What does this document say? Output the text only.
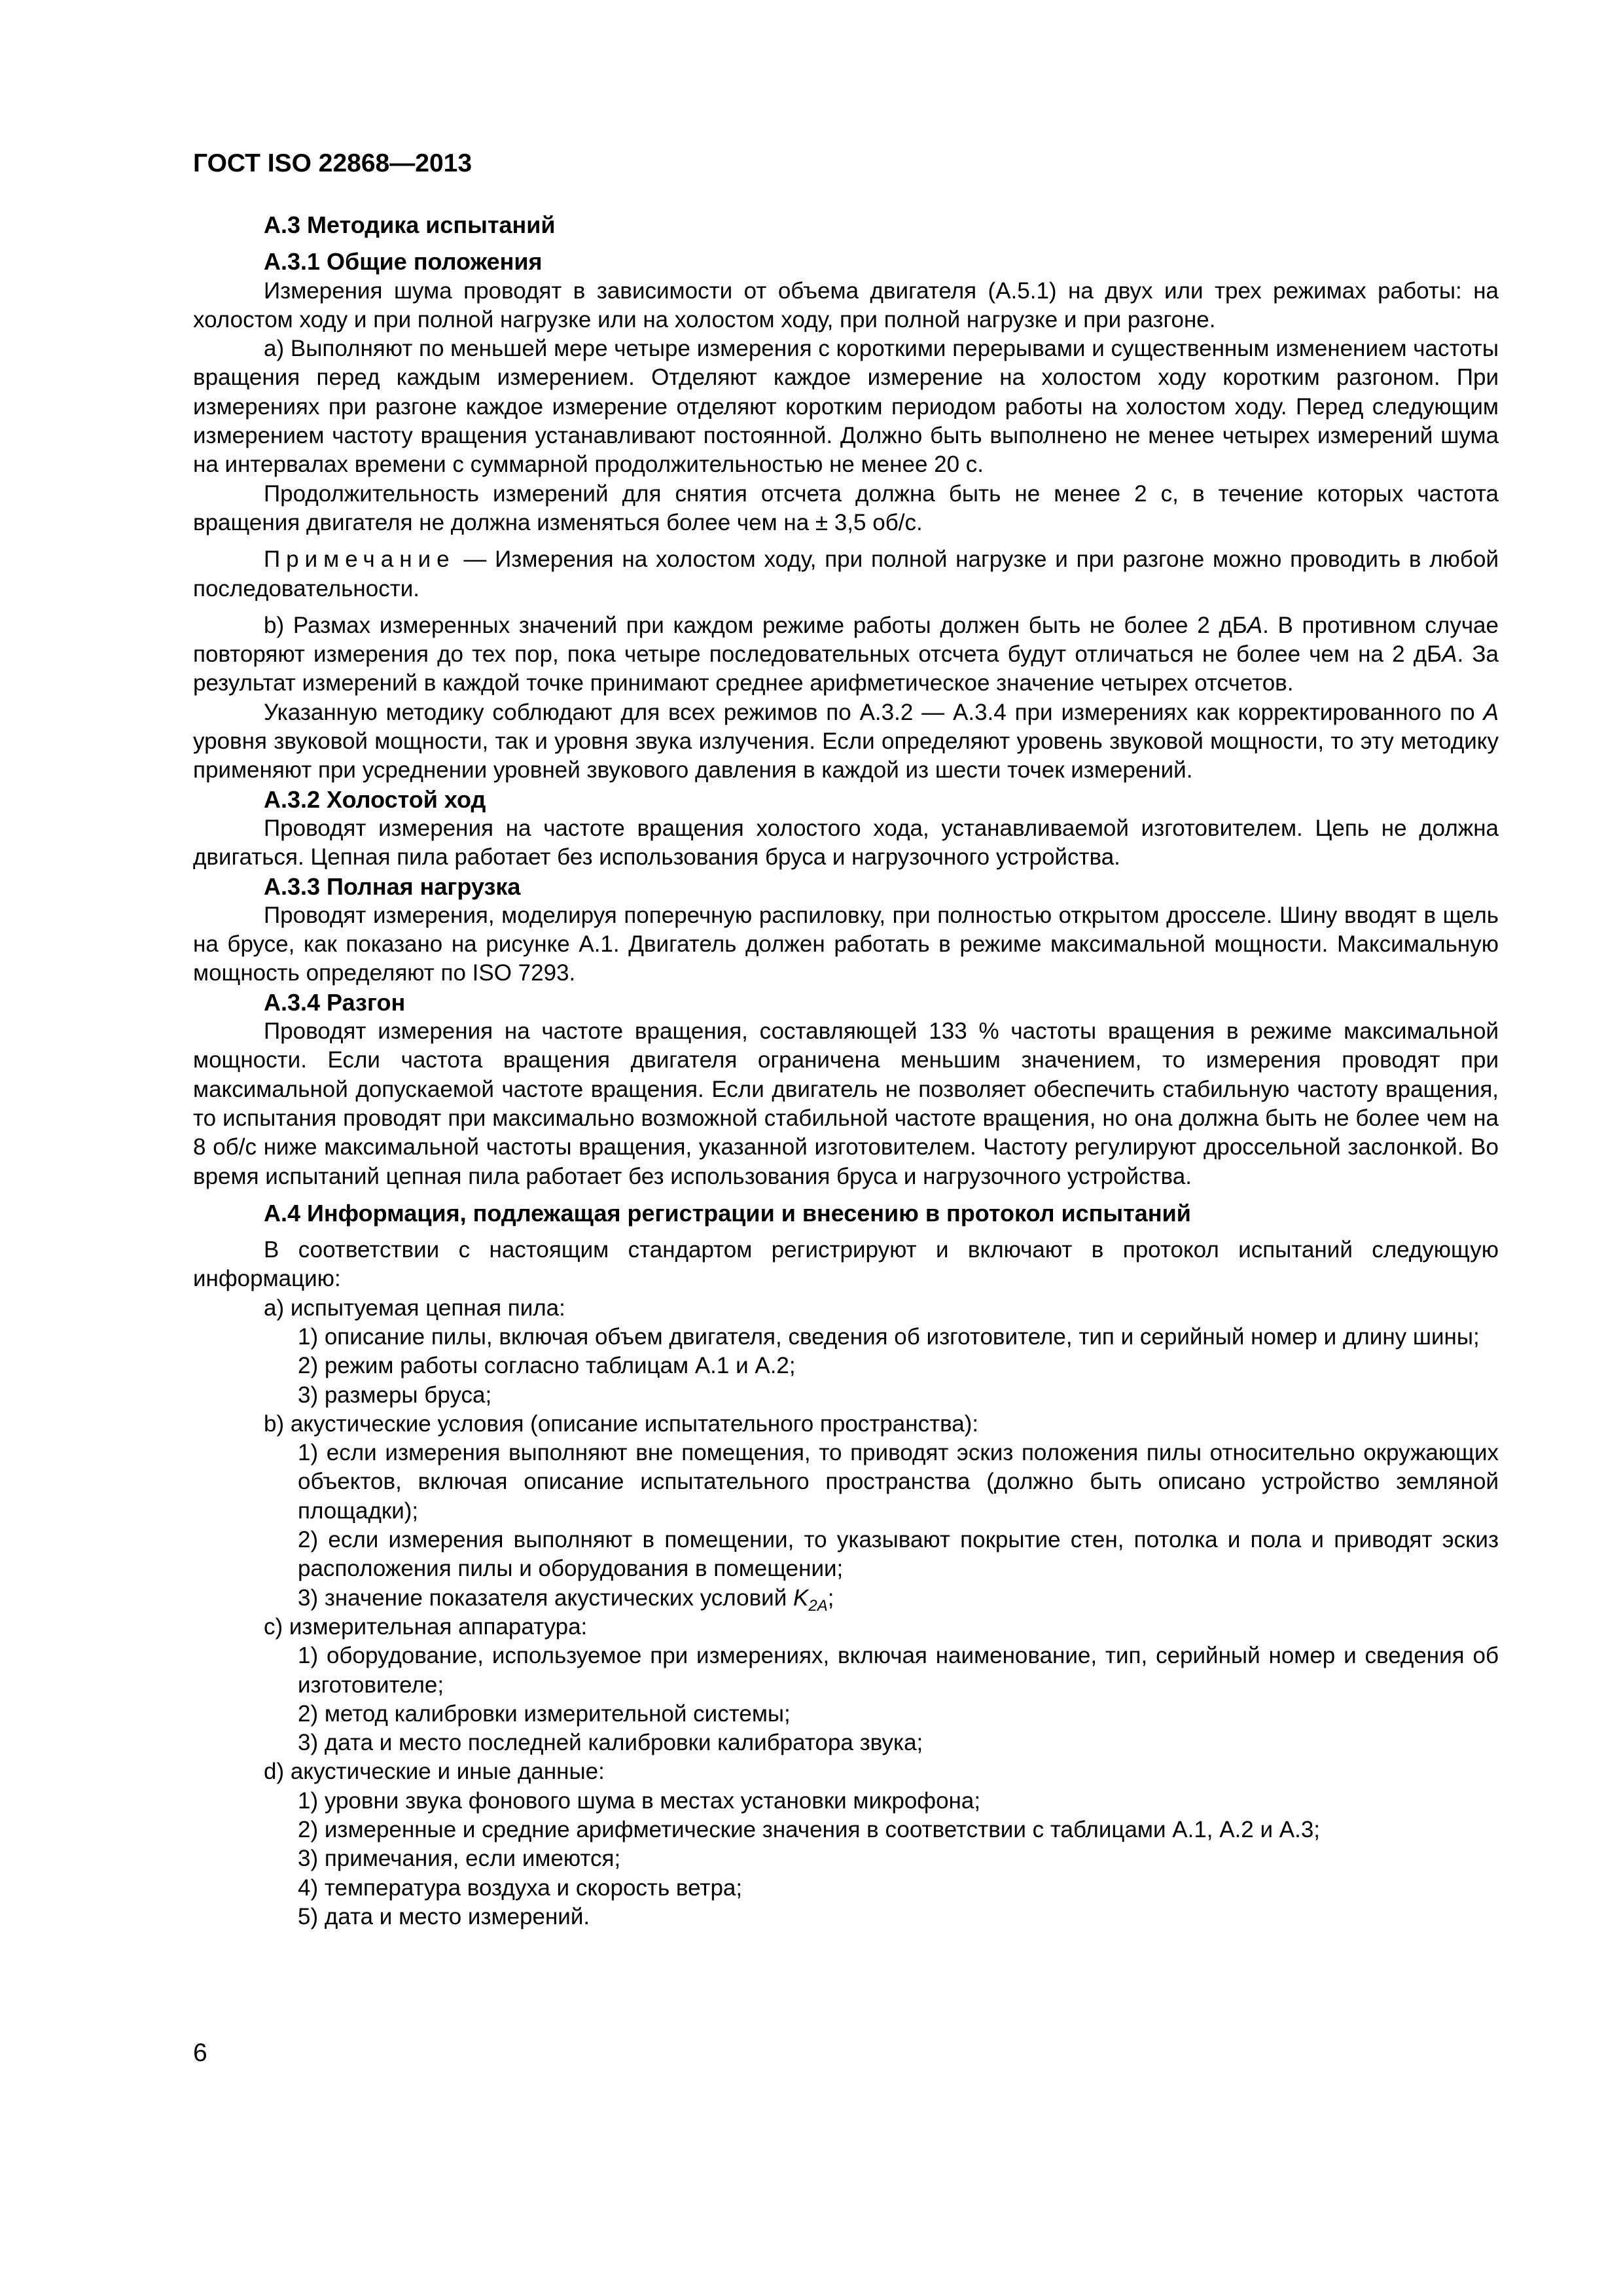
ГОСТ ISO 22868—2013
А.3 Методика испытаний
А.3.1 Общие положения

Измерения шума проводят в зависимости от объема двигателя (А.5.1) на двух или трех режимах работы: на холостом ходу и при полной нагрузке или на холостом ходу, при полной нагрузке и при разгоне.

а) Выполняют по меньшей мере четыре измерения с короткими перерывами и существенным изменением частоты вращения перед каждым измерением. Отделяют каждое измерение на холостом ходу коротким разгоном. При измерениях при разгоне каждое измерение отделяют коротким периодом работы на холостом ходу. Перед следующим измерением частоту вращения устанавливают постоянной. Должно быть выполнено не менее четырех измерений шума на интервалах времени с суммарной продолжительностью не менее 20 с.

Продолжительность измерений для снятия отсчета должна быть не менее 2 с, в течение которых частота вращения двигателя не должна изменяться более чем на ± 3,5 об/с.

Примечание — Измерения на холостом ходу, при полной нагрузке и при разгоне можно проводить в любой последовательности.

b) Размах измеренных значений при каждом режиме работы должен быть не более 2 дБА. В противном случае повторяют измерения до тех пор, пока четыре последовательных отсчета будут отличаться не более чем на 2 дБА. За результат измерений в каждой точке принимают среднее арифметическое значение четырех отсчетов.

Указанную методику соблюдают для всех режимов по А.3.2 — А.3.4 при измерениях как корректированного по А уровня звуковой мощности, так и уровня звука излучения. Если определяют уровень звуковой мощности, то эту методику применяют при усреднении уровней звукового давления в каждой из шести точек измерений.

А.3.2 Холостой ход

Проводят измерения на частоте вращения холостого хода, устанавливаемой изготовителем. Цепь не должна двигаться. Цепная пила работает без использования бруса и нагрузочного устройства.

А.3.3 Полная нагрузка

Проводят измерения, моделируя поперечную распиловку, при полностью открытом дросселе. Шину вводят в щель на брусе, как показано на рисунке А.1. Двигатель должен работать в режиме максимальной мощности. Максимальную мощность определяют по ISO 7293.

А.3.4 Разгон

Проводят измерения на частоте вращения, составляющей 133 % частоты вращения в режиме максимальной мощности. Если частота вращения двигателя ограничена меньшим значением, то измерения проводят при максимальной допускаемой частоте вращения. Если двигатель не позволяет обеспечить стабильную частоту вращения, то испытания проводят при максимально возможной стабильной частоте вращения, но она должна быть не более чем на 8 об/с ниже максимальной частоты вращения, указанной изготовителем. Частоту регулируют дроссельной заслонкой. Во время испытаний цепная пила работает без использования бруса и нагрузочного устройства.

А.4 Информация, подлежащая регистрации и внесению в протокол испытаний

В соответствии с настоящим стандартом регистрируют и включают в протокол испытаний следующую информацию:

а) испытуемая цепная пила:

1) описание пилы, включая объем двигателя, сведения об изготовителе, тип и серийный номер и длину шины;

2) режим работы согласно таблицам А.1 и А.2;

3) размеры бруса;

b) акустические условия (описание испытательного пространства):

1) если измерения выполняют вне помещения, то приводят эскиз положения пилы относительно окружающих объектов, включая описание испытательного пространства (должно быть описано устройство земляной площадки);

2) если измерения выполняют в помещении, то указывают покрытие стен, потолка и пола и приводят эскиз расположения пилы и оборудования в помещении;

3) значение показателя акустических условий $K_{2A}$;

c) измерительная аппаратура:

1) оборудование, используемое при измерениях, включая наименование, тип, серийный номер и сведения об изготовителе;

2) метод калибровки измерительной системы;

3) дата и место последней калибровки калибратора звука;

d) акустические и иные данные:

1) уровни звука фонового шума в местах установки микрофона;

2) измеренные и средние арифметические значения в соответствии с таблицами А.1, А.2 и А.3;

3) примечания, если имеются;

4) температура воздуха и скорость ветра;

5) дата и место измерений.

6
